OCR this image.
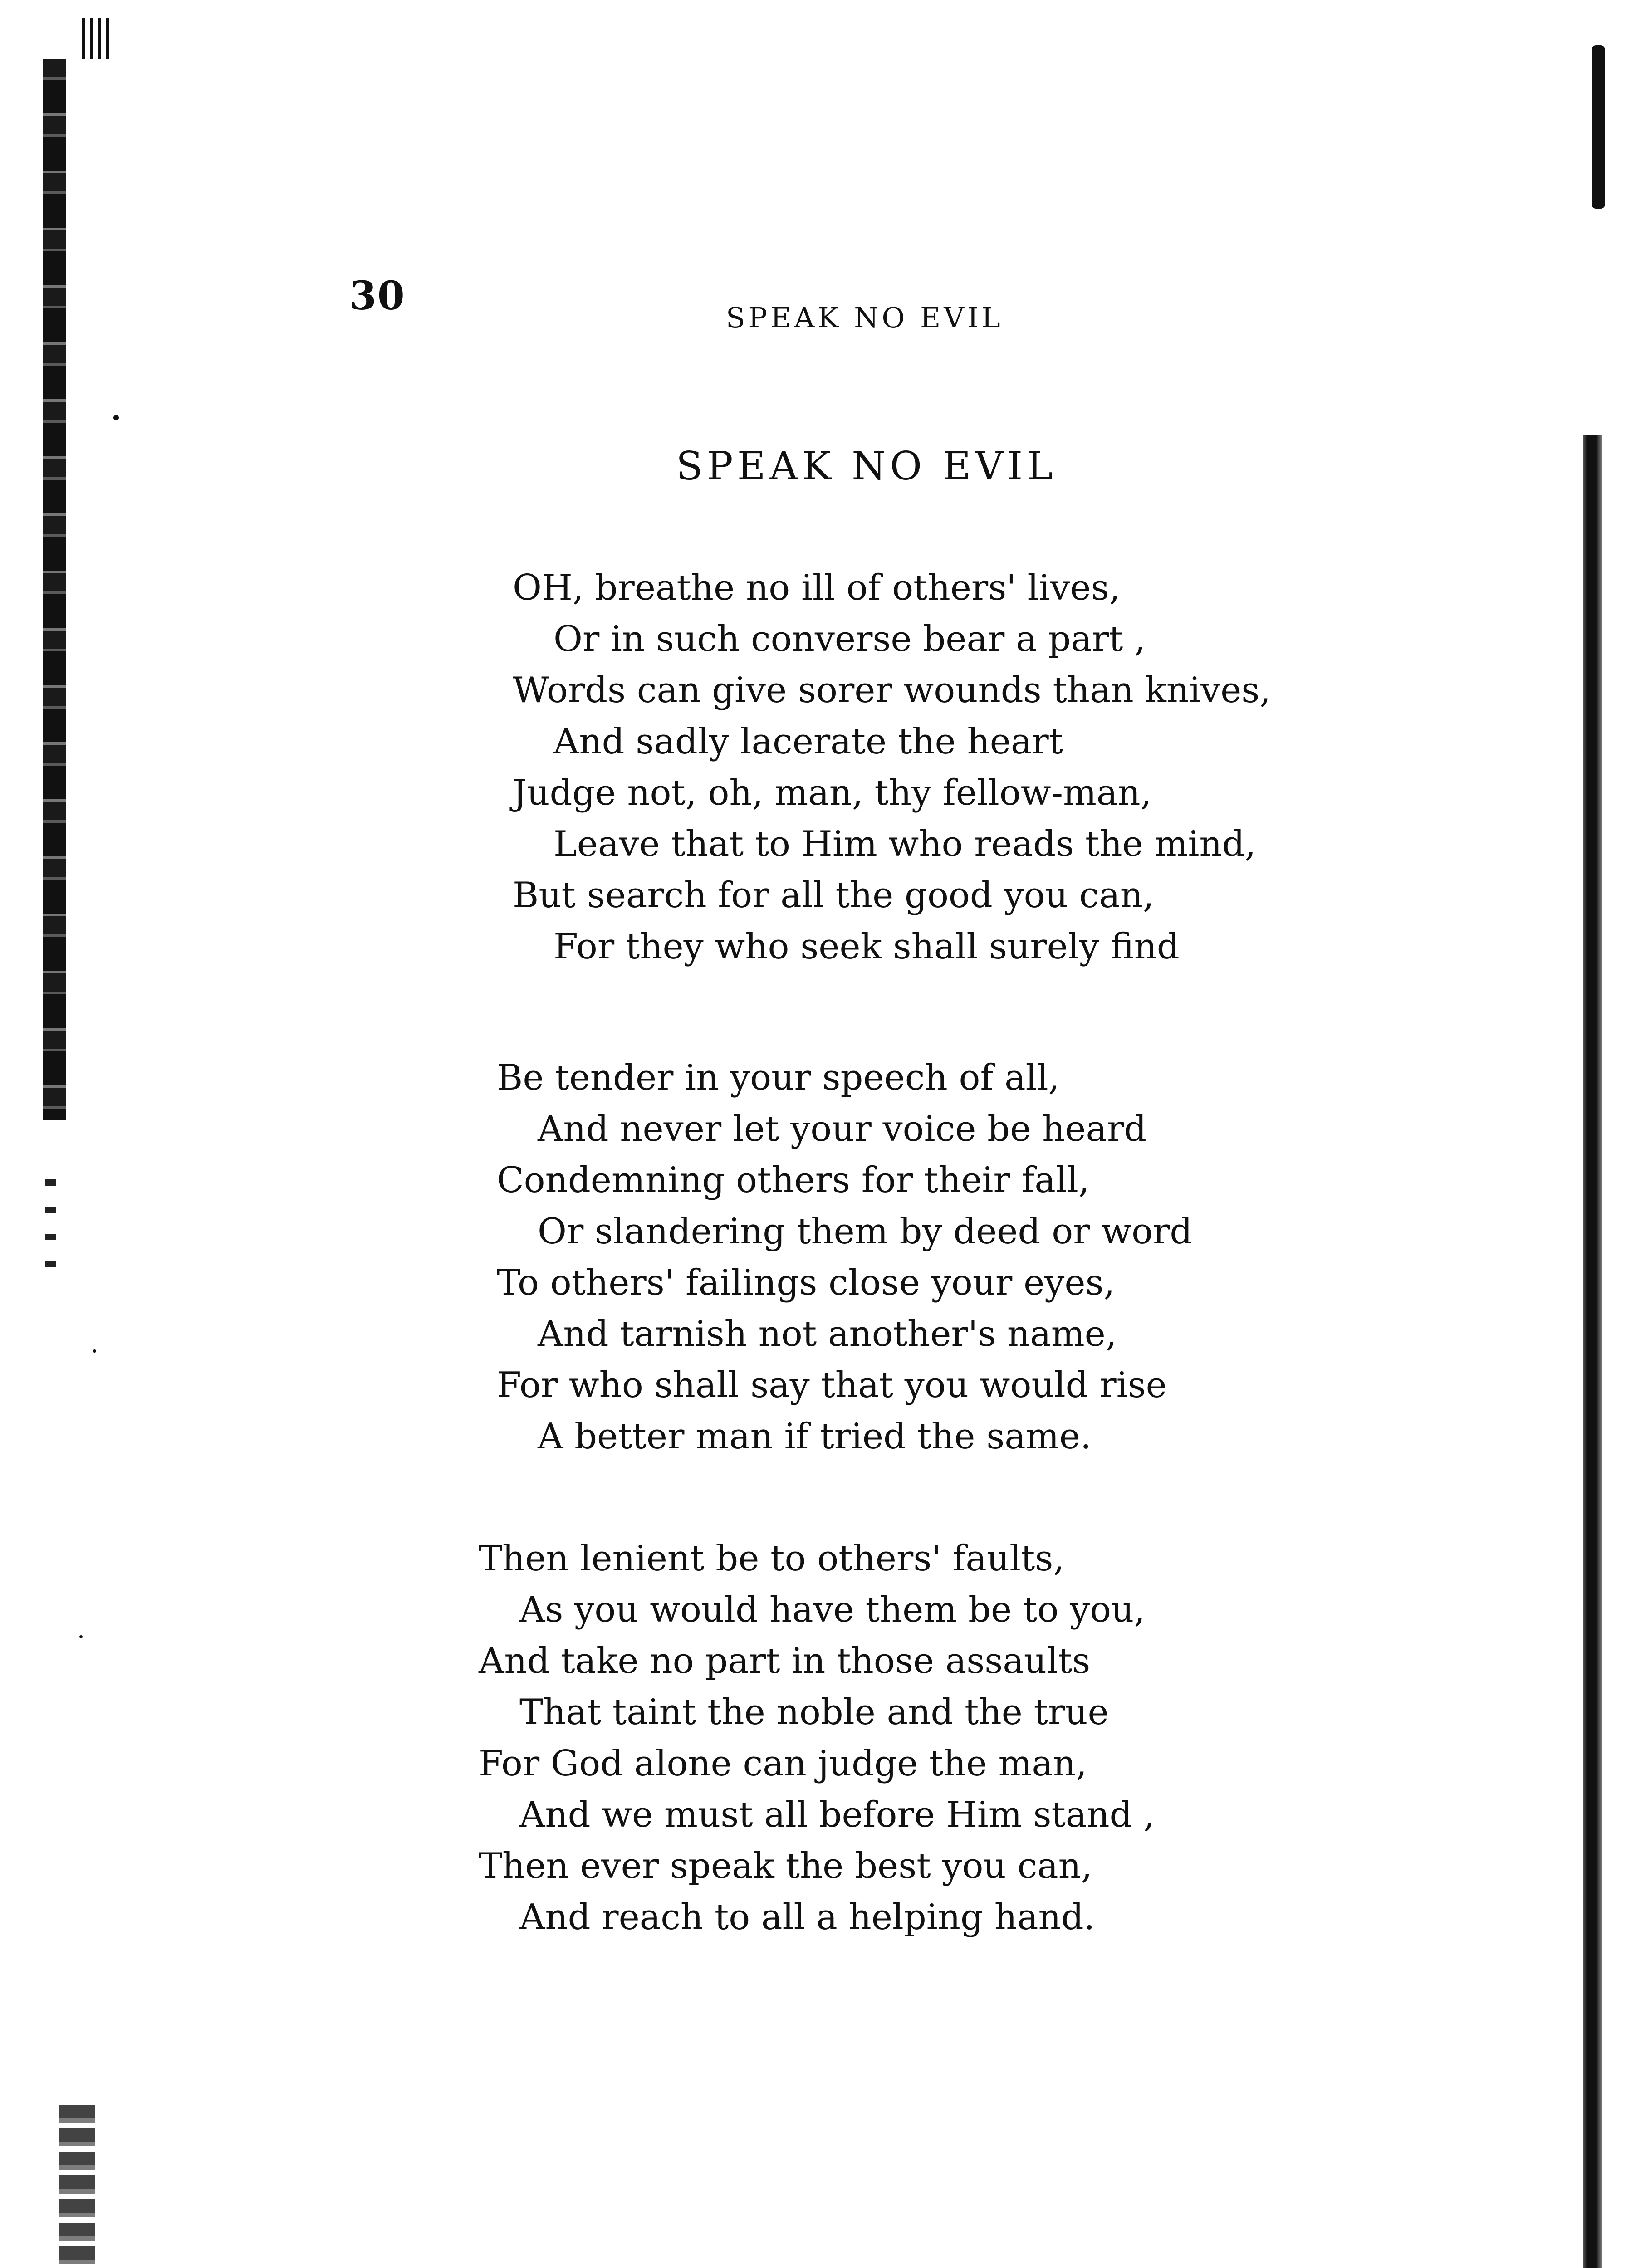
30	SPEAK NO EVIL
SPEAK NO EVIL
OH, breathe no ill of others' lives,
Or in such converse bear a part ,
Words can give sorer wounds than knives,
And sadly lacerate the heart
Judge not, oh, man, thy fellow-man,
Leave that to Him who reads the mind,
But search for all the good you can,
For they who seek shall surely find
Be tender in your speech of all,
And never let your voice be heard
Condemning others for their fall,
Or slandering them by deed or word
To others' failings close your eyes,
And tarnish not another's name,
For who shall say that you would rise
A better man if tried the same.
Then lenient be to others' faults,
As you would have them be to you,
And take no part in those assaults
That taint the noble and the true
For God alone can judge the man,
And we must all before Him stand ,
Then ever speak the best you can,
And reach to all a helping hand.
